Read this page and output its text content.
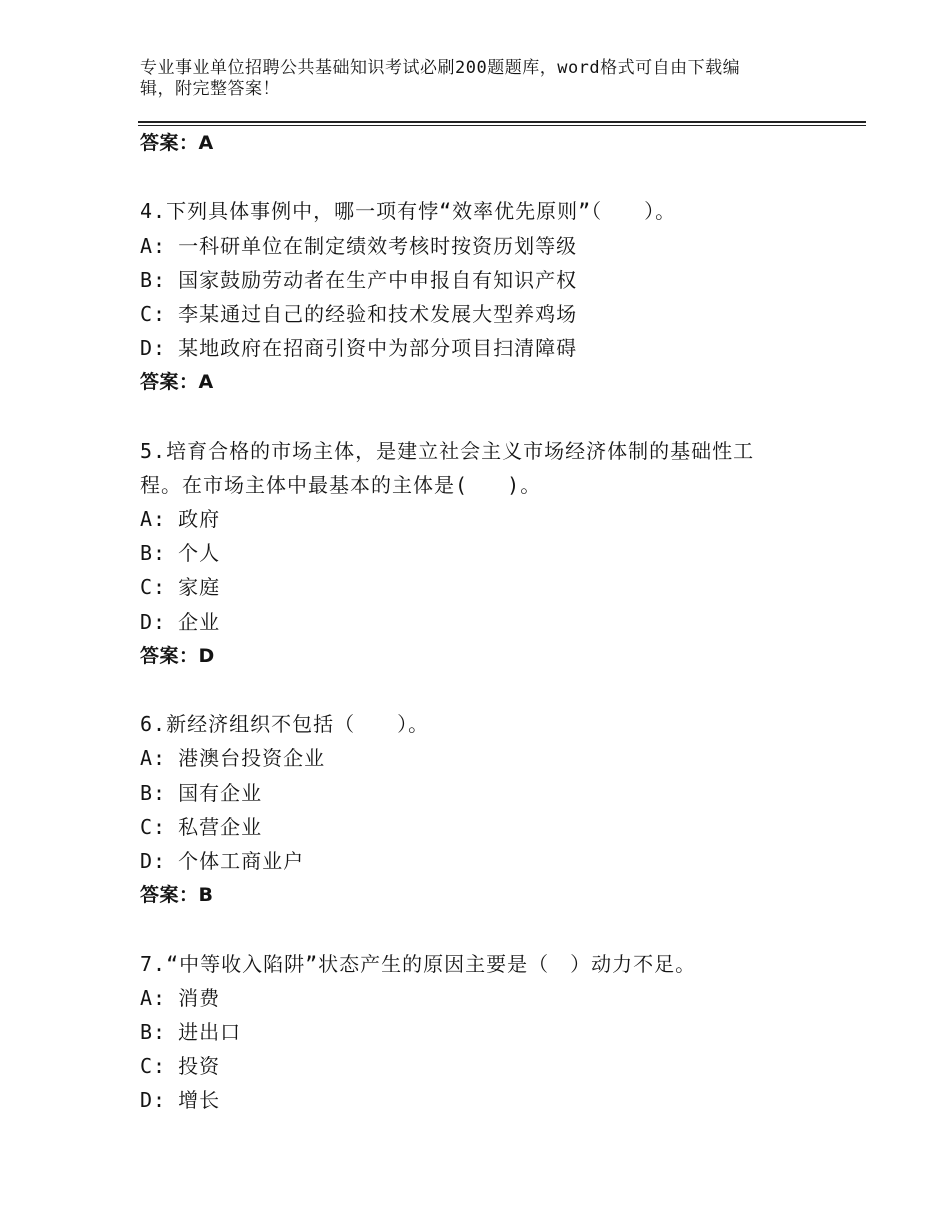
专业事业单位招聘公共基础知识考试必刷200题题库，word格式可自由下载编
辑，附完整答案！
答案：A
4.下列具体事例中，哪一项有悖“效率优先原则”（　　）。
A: 一科研单位在制定绩效考核时按资历划等级
B: 国家鼓励劳动者在生产中申报自有知识产权
C: 李某通过自己的经验和技术发展大型养鸡场
D: 某地政府在招商引资中为部分项目扫清障碍
答案：A
5.培育合格的市场主体，是建立社会主义市场经济体制的基础性工
程。在市场主体中最基本的主体是(   )。
A: 政府
B: 个人
C: 家庭
D: 企业
答案：D
6.新经济组织不包括（　　）。
A: 港澳台投资企业
B: 国有企业
C: 私营企业
D: 个体工商业户
答案：B
7.“中等收入陷阱”状态产生的原因主要是（　）动力不足。
A: 消费
B: 进出口
C: 投资
D: 增长
